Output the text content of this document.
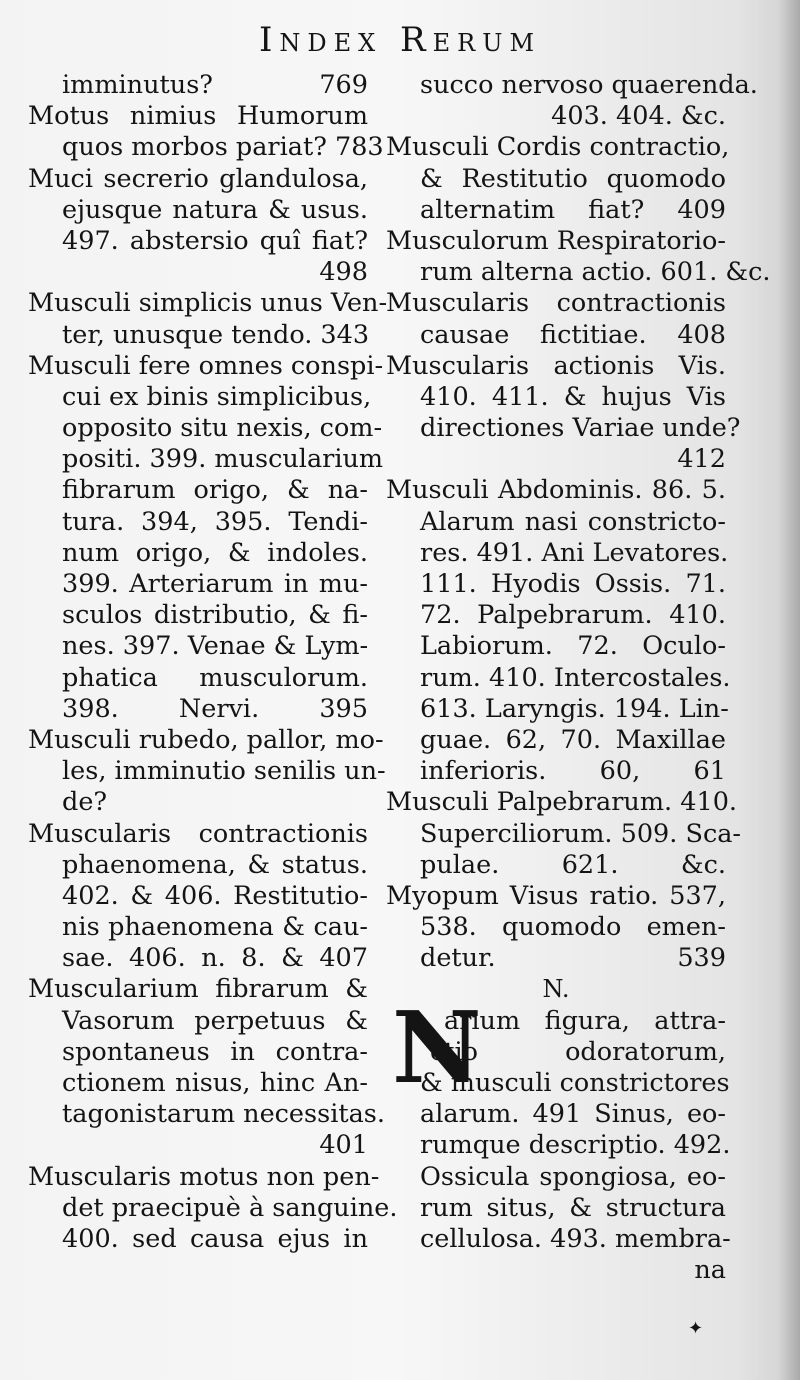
Index Rerum
imminutus? 769
Motus nimius Humorum
quos morbos pariat? 783
Muci secrerio glandulosa,
ejusque natura & usus.
497. abstersio quî fiat?
498
Musculi simplicis unus Ven-
ter, unusque tendo. 343
Musculi fere omnes conspi-
cui ex binis simplicibus,
opposito situ nexis, com-
positi. 399. muscularium
fibrarum origo, & na-
tura. 394, 395. Tendi-
num origo, & indoles.
399. Arteriarum in mu-
sculos distributio, & fi-
nes. 397. Venae & Lym-
phatica musculorum.
398. Nervi. 395
Musculi rubedo, pallor, mo-
les, imminutio senilis un-
de?
Muscularis contractionis
phaenomena, & status.
402. & 406. Restitutio-
nis phaenomena & cau-
sae. 406. n. 8. & 407
Muscularium fibrarum &
Vasorum perpetuus &
spontaneus in contra-
ctionem nisus, hinc An-
tagonistarum necessitas.
401
Muscularis motus non pen-
det praecipuè à sanguine.
400. sed causa ejus in
succo nervoso quaerenda.
403. 404. &c.
Musculi Cordis contractio,
& Restitutio quomodo
alternatim fiat? 409
Musculorum Respiratorio-
rum alterna actio. 601. &c.
Muscularis contractionis
causae fictitiae. 408
Muscularis actionis Vis.
410. 411. & hujus Vis
directiones Variae unde?
412
Musculi Abdominis. 86. 5.
Alarum nasi constricto-
res. 491. Ani Levatores.
111. Hyodis Ossis. 71.
72. Palpebrarum. 410.
Labiorum. 72. Oculo-
rum. 410. Intercostales.
613. Laryngis. 194. Lin-
guae. 62, 70. Maxillae
inferioris. 60, 61
Musculi Palpebrarum. 410.
Superciliorum. 509. Sca-
pulae. 621. &c.
Myopum Visus ratio. 537,
538. quomodo emen-
detur. 539
N.
N
arium figura, attra-
ctio odoratorum,
& musculi constrictores
alarum. 491 Sinus, eo-
rumque descriptio. 492.
Ossicula spongiosa, eo-
rum situs, & structura
cellulosa. 493. membra-
na
✦
